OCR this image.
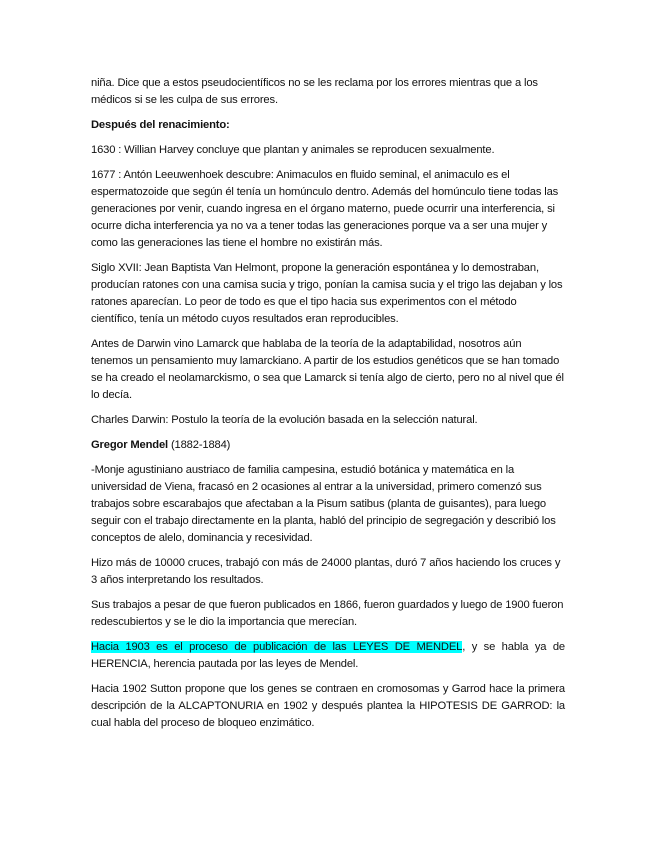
niña. Dice que a estos pseudocientíficos no se les reclama por los errores mientras que a los médicos si se les culpa de sus errores.

Después del renacimiento:

1630 : Willian Harvey concluye que plantan y animales se reproducen sexualmente.

1677 : Antón Leeuwenhoek descubre: Animaculos en fluido seminal, el animaculo es el espermatozoide que según él tenía un homúnculo dentro. Además del homúnculo tiene todas las generaciones por venir, cuando ingresa en el órgano materno, puede ocurrir una interferencia, si ocurre dicha interferencia ya no va a tener todas las generaciones porque va a ser una mujer y como las generaciones las tiene el hombre no existirán más.

Siglo XVII: Jean Baptista Van Helmont, propone la generación espontánea y lo demostraban, producían ratones con una camisa sucia y trigo, ponían la camisa sucia y el trigo las dejaban y los ratones aparecían. Lo peor de todo es que el tipo hacia sus experimentos con el método científico, tenía un método cuyos resultados eran reproducibles.

Antes de Darwin vino Lamarck que hablaba de la teoría de la adaptabilidad, nosotros aún tenemos un pensamiento muy lamarckiano. A partir de los estudios genéticos que se han tomado se ha creado el neolamarckismo, o sea que Lamarck si tenía algo de cierto, pero no al nivel que él lo decía.

Charles Darwin: Postulo la teoría de la evolución basada en la selección natural.

Gregor Mendel (1882-1884)

-Monje agustiniano austriaco de familia campesina, estudió botánica y matemática en la universidad de Viena, fracasó en 2 ocasiones al entrar a la universidad, primero comenzó sus trabajos sobre escarabajos que afectaban a la Pisum satibus (planta de guisantes), para luego seguir con el trabajo directamente en la planta, habló del principio de segregación y describió los conceptos de alelo, dominancia y recesividad.

Hizo más de 10000 cruces, trabajó con más de 24000 plantas, duró 7 años haciendo los cruces y 3 años interpretando los resultados.

Sus trabajos a pesar de que fueron publicados en 1866, fueron guardados y luego de 1900 fueron redescubiertos y se le dio la importancia que merecían.

Hacia 1903 es el proceso de publicación de las LEYES DE MENDEL, y se habla ya de HERENCIA, herencia pautada por las leyes de Mendel.

Hacia 1902 Sutton propone que los genes se contraen en cromosomas y Garrod hace la primera descripción de la ALCAPTONURIA en 1902 y después plantea la HIPOTESIS DE GARROD: la cual habla del proceso de bloqueo enzimático.
